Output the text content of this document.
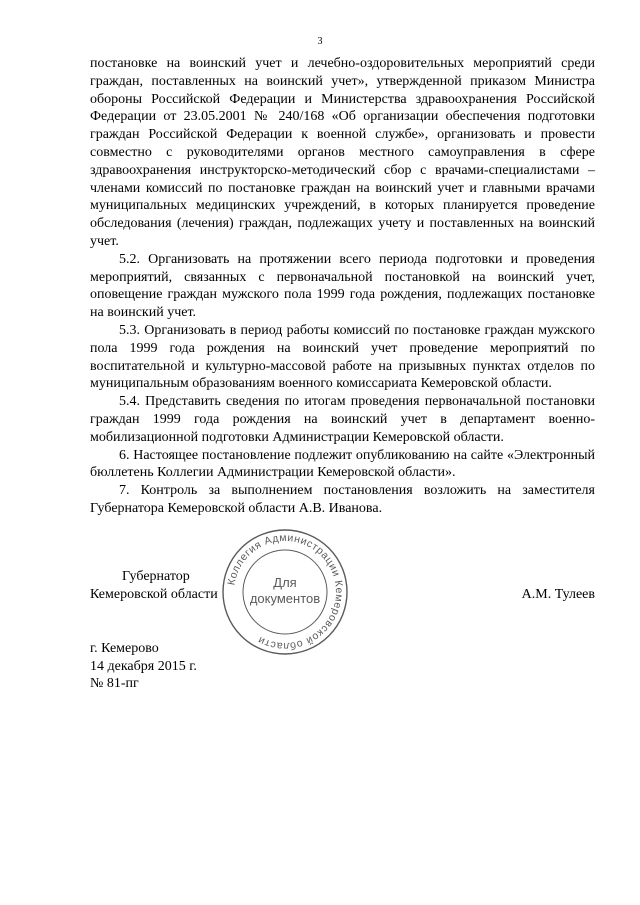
3

постановке на воинский учет и лечебно-оздоровительных мероприятий среди граждан, поставленных на воинский учет», утвержденной приказом Министра обороны Российской Федерации и Министерства здравоохранения Российской Федерации от 23.05.2001 № 240/168 «Об организации обеспечения подготовки граждан Российской Федерации к военной службе», организовать и провести совместно с руководителями органов местного самоуправления в сфере здравоохранения инструкторско-методический сбор с врачами-специалистами – членами комиссий по постановке граждан на воинский учет и главными врачами муниципальных медицинских учреждений, в которых планируется проведение обследования (лечения) граждан, подлежащих учету и поставленных на воинский учет.

5.2. Организовать на протяжении всего периода подготовки и проведения мероприятий, связанных с первоначальной постановкой на воинский учет, оповещение граждан мужского пола 1999 года рождения, подлежащих постановке на воинский учет.

5.3. Организовать в период работы комиссий по постановке граждан мужского пола 1999 года рождения на воинский учет проведение мероприятий по воспитательной и культурно-массовой работе на призывных пунктах отделов по муниципальным образованиям военного комиссариата Кемеровской области.

5.4. Представить сведения по итогам проведения первоначальной постановки граждан 1999 года рождения на воинский учет в департамент военно-мобилизационной подготовки Администрации Кемеровской области.

6. Настоящее постановление подлежит опубликованию на сайте «Электронный бюллетень Коллегии Администрации Кемеровской области».

7. Контроль за выполнением постановления возложить на заместителя Губернатора Кемеровской области А.В. Иванова.

Губернатор
Кемеровской области	А.М. Тулеев
Коллегия Администрации Кемеровской области
Для
документов
г. Кемерово
14 декабря 2015 г.
№ 81-пг
